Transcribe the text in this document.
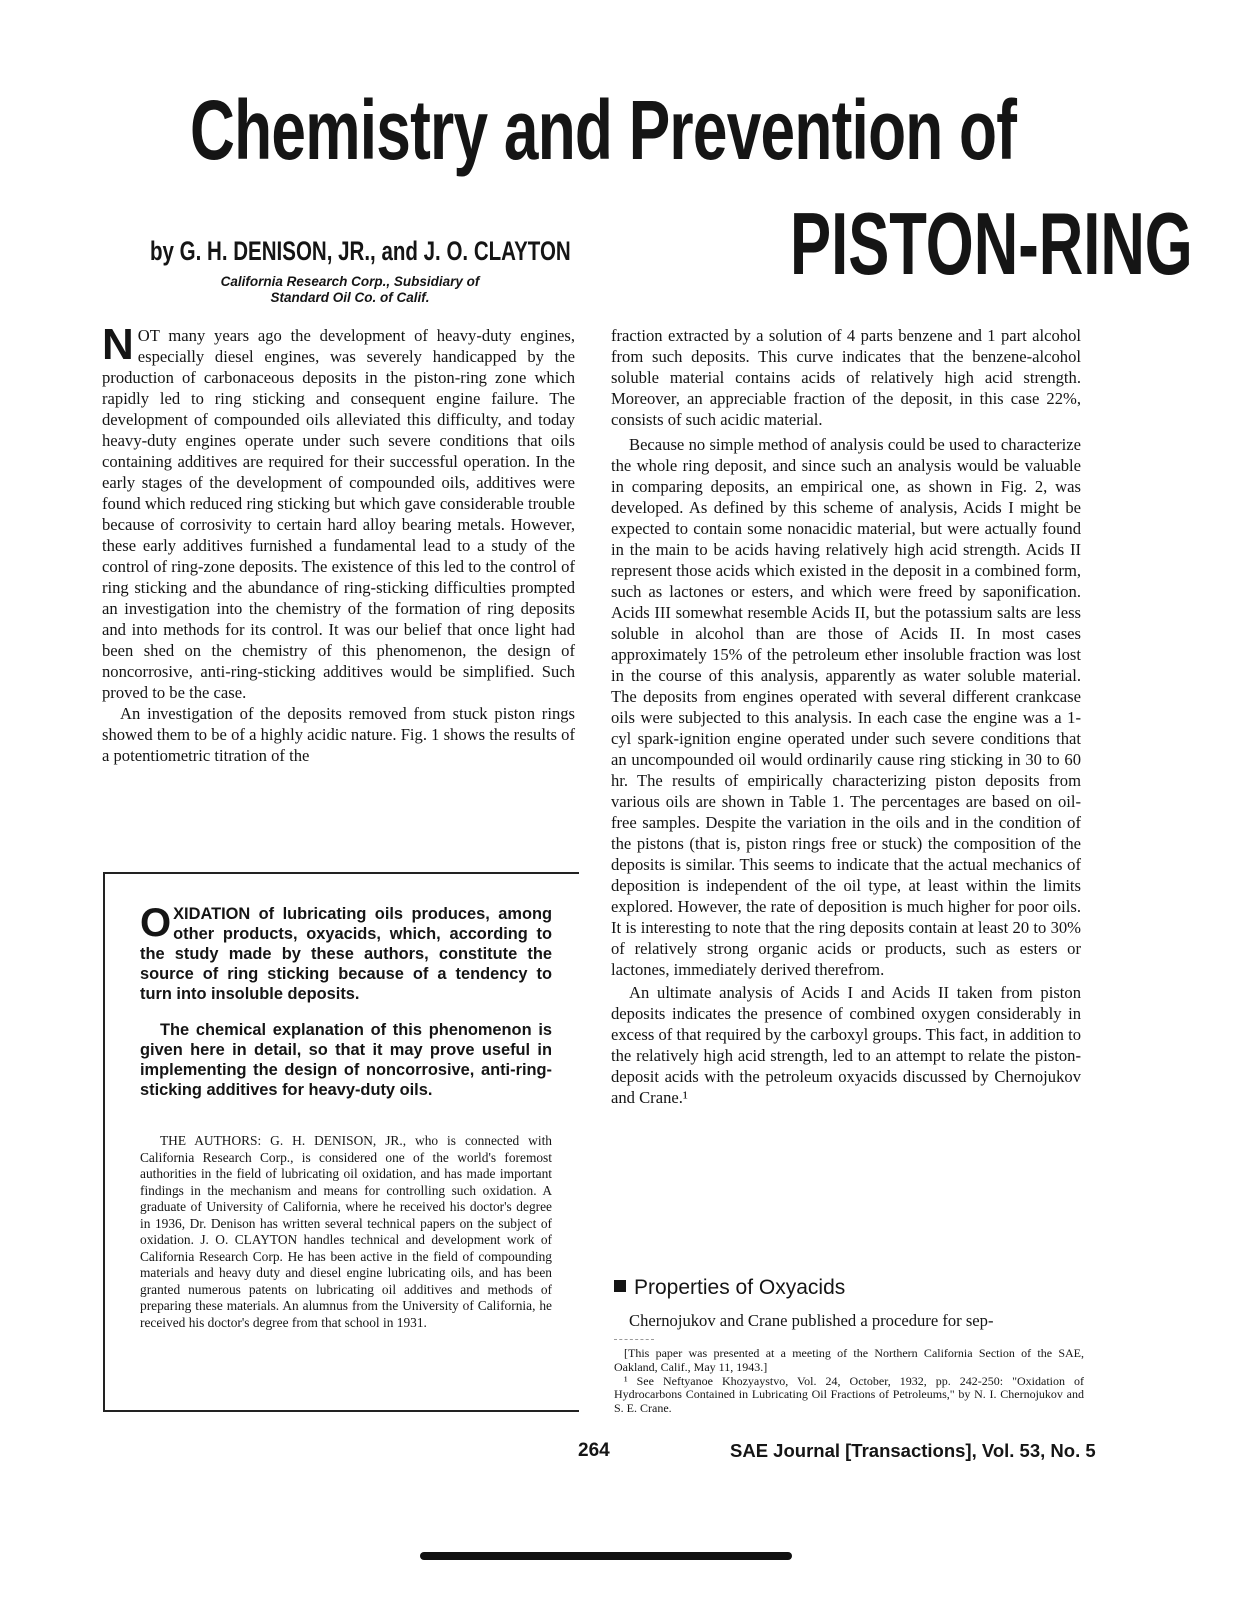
Chemistry and Prevention of
PISTON-RING
by G. H. DENISON, JR., and J. O. CLAYTON
California Research Corp., Subsidiary of
Standard Oil Co. of Calif.

NOT many years ago the development of heavy-duty engines, especially diesel engines, was severely handicapped by the production of carbonaceous deposits in the piston-ring zone which rapidly led to ring sticking and consequent engine failure. The development of compounded oils alleviated this difficulty, and today heavy-duty engines operate under such severe conditions that oils containing additives are required for their successful operation. In the early stages of the development of compounded oils, additives were found which reduced ring sticking but which gave considerable trouble because of corrosivity to certain hard alloy bearing metals. However, these early additives furnished a fundamental lead to a study of the control of ring-zone deposits. The existence of this led to the control of ring sticking and the abundance of ring-sticking difficulties prompted an investigation into the chemistry of the formation of ring deposits and into methods for its control. It was our belief that once light had been shed on the chemistry of this phenomenon, the design of noncorrosive, anti-ring-sticking additives would be simplified. Such proved to be the case.

An investigation of the deposits removed from stuck piston rings showed them to be of a highly acidic nature. Fig. 1 shows the results of a potentiometric titration of the

OXIDATION of lubricating oils produces, among other products, oxyacids, which, according to the study made by these authors, constitute the source of ring sticking because of a tendency to turn into insoluble deposits.

The chemical explanation of this phenomenon is given here in detail, so that it may prove useful in implementing the design of noncorrosive, anti-ring-sticking additives for heavy-duty oils.

THE AUTHORS: G. H. DENISON, JR., who is connected with California Research Corp., is considered one of the world's foremost authorities in the field of lubricating oil oxidation, and has made important findings in the mechanism and means for controlling such oxidation. A graduate of University of California, where he received his doctor's degree in 1936, Dr. Denison has written several technical papers on the subject of oxidation. J. O. CLAYTON handles technical and development work of California Research Corp. He has been active in the field of compounding materials and heavy duty and diesel engine lubricating oils, and has been granted numerous patents on lubricating oil additives and methods of preparing these materials. An alumnus from the University of California, he received his doctor's degree from that school in 1931.

fraction extracted by a solution of 4 parts benzene and 1 part alcohol from such deposits. This curve indicates that the benzene-alcohol soluble material contains acids of relatively high acid strength. Moreover, an appreciable fraction of the deposit, in this case 22%, consists of such acidic material.

Because no simple method of analysis could be used to characterize the whole ring deposit, and since such an analysis would be valuable in comparing deposits, an empirical one, as shown in Fig. 2, was developed. As defined by this scheme of analysis, Acids I might be expected to contain some nonacidic material, but were actually found in the main to be acids having relatively high acid strength. Acids II represent those acids which existed in the deposit in a combined form, such as lactones or esters, and which were freed by saponification. Acids III somewhat resemble Acids II, but the potassium salts are less soluble in alcohol than are those of Acids II. In most cases approximately 15% of the petroleum ether insoluble fraction was lost in the course of this analysis, apparently as water soluble material. The deposits from engines operated with several different crankcase oils were subjected to this analysis. In each case the engine was a 1-cyl spark-ignition engine operated under such severe conditions that an uncompounded oil would ordinarily cause ring sticking in 30 to 60 hr. The results of empirically characterizing piston deposits from various oils are shown in Table 1. The percentages are based on oil-free samples. Despite the variation in the oils and in the condition of the pistons (that is, piston rings free or stuck) the composition of the deposits is similar. This seems to indicate that the actual mechanics of deposition is independent of the oil type, at least within the limits explored. However, the rate of deposition is much higher for poor oils. It is interesting to note that the ring deposits contain at least 20 to 30% of relatively strong organic acids or products, such as esters or lactones, immediately derived therefrom.

An ultimate analysis of Acids I and Acids II taken from piston deposits indicates the presence of combined oxygen considerably in excess of that required by the carboxyl groups. This fact, in addition to the relatively high acid strength, led to an attempt to relate the piston-deposit acids with the petroleum oxyacids discussed by Chernojukov and Crane.¹

Properties of Oxyacids

Chernojukov and Crane published a procedure for sep-

[This paper was presented at a meeting of the Northern California Section of the SAE, Oakland, Calif., May 11, 1943.]

¹ See Neftyanoe Khozyaystvo, Vol. 24, October, 1932, pp. 242-250: "Oxidation of Hydrocarbons Contained in Lubricating Oil Fractions of Petroleums," by N. I. Chernojukov and S. E. Crane.

264	SAE Journal [Transactions], Vol. 53, No. 5
